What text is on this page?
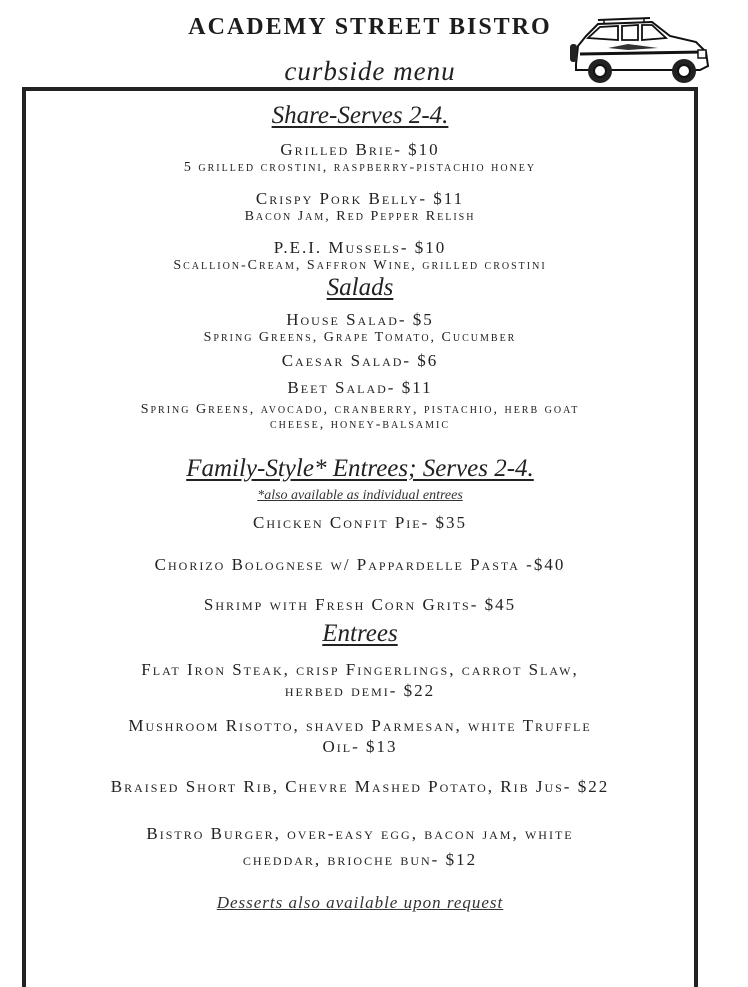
ACADEMY STREET BISTRO
curbside menu
Share-Serves 2-4.
Grilled Brie- $10
5 grilled crostini, raspberry-pistachio honey
Crispy Pork Belly- $11
Bacon Jam, Red Pepper Relish
P.E.I. Mussels- $10
Scallion-Cream, Saffron Wine, grilled crostini
Salads
House Salad- $5
Spring Greens, Grape Tomato, Cucumber
Caesar Salad- $6
Beet Salad- $11
Spring Greens, avocado, cranberry, pistachio, herb goat
cheese, honey-balsamic
Family-Style* Entrees; Serves 2-4.
*also available as individual entrees
Chicken Confit Pie- $35
Chorizo Bolognese w/ Pappardelle Pasta -$40
Shrimp with Fresh Corn Grits- $45
Entrees
Flat Iron Steak, crisp Fingerlings, carrot Slaw,
herbed demi- $22
Mushroom Risotto, shaved Parmesan, white Truffle
Oil- $13
Braised Short Rib, Chevre Mashed Potato, Rib Jus- $22
Bistro Burger, over-easy egg, bacon jam, white
cheddar, brioche bun- $12
Desserts also available upon request
